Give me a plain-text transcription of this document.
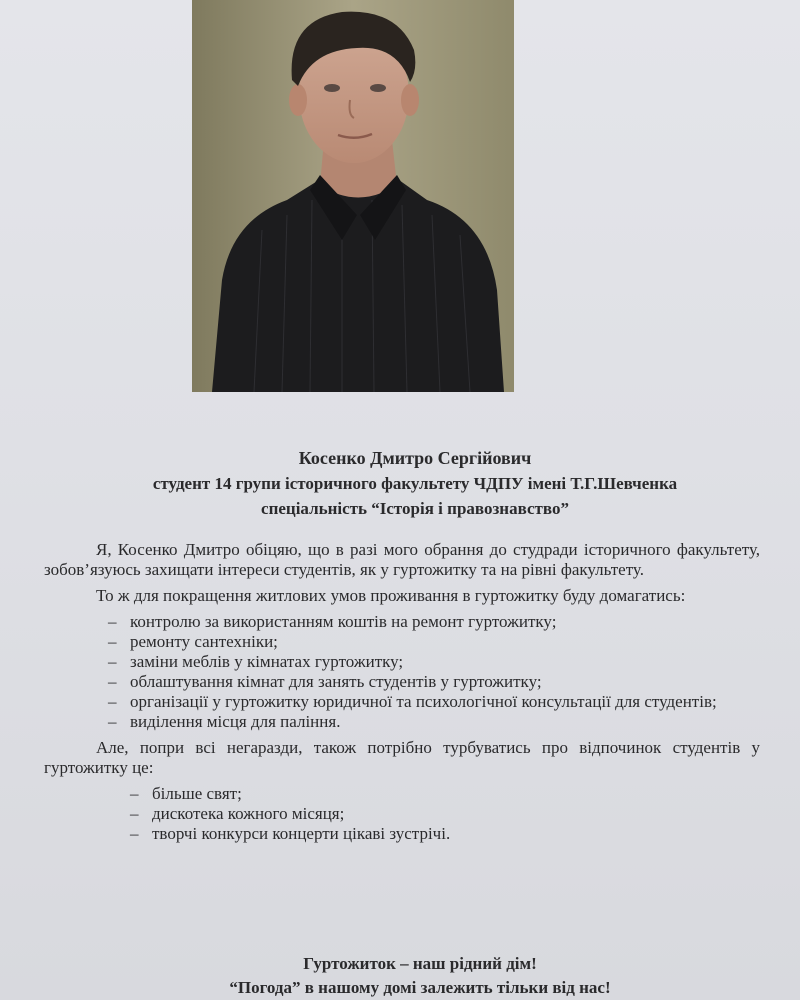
Косенко Дмитро Сергійович
студент 14 групи історичного факультету ЧДПУ імені Т.Г.Шевченка
спеціальність “Історія і правознавство”

Я, Косенко Дмитро обіцяю, що в разі мого обрання до студради історичного факультету, зобов’язуюсь захищати інтереси студентів, як у гуртожитку та на рівні факультету.

То ж для покращення житлових умов проживання в гуртожитку буду домагатись:

– контролю за використанням коштів на ремонт гуртожитку;
– ремонту сантехніки;
– заміни меблів у кімнатах гуртожитку;
– облаштування кімнат для занять студентів у гуртожитку;
– організації у гуртожитку юридичної та психологічної консультації для студентів;
– виділення місця для паління.

Але, попри всі негаразди, також потрібно турбуватись про відпочинок студентів у гуртожитку це:

– більше свят;
– дискотека кожного місяця;
– творчі конкурси концерти цікаві зустрічі.
Гуртожиток – наш рідний дім!
“Погода” в нашому домі залежить тільки від нас!
